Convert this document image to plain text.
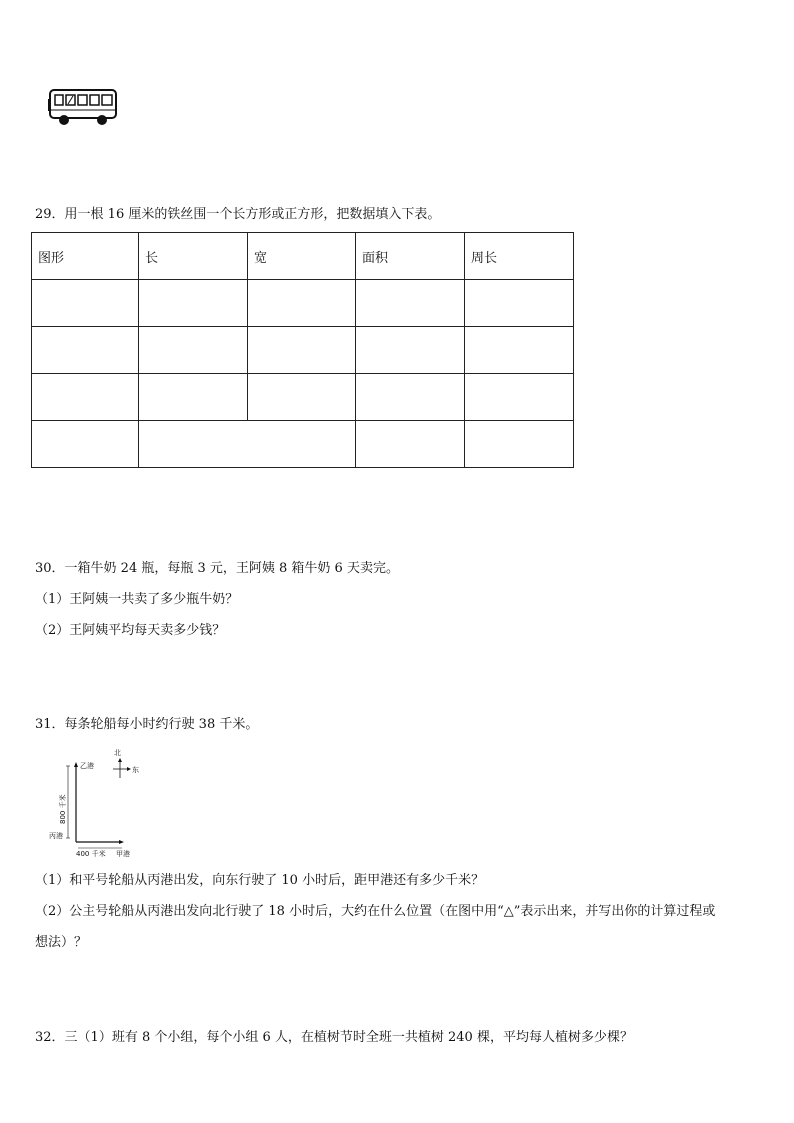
29．用一根 16 厘米的铁丝围一个长方形或正方形，把数据填入下表。
图形	长	宽	面积	周长

30．一箱牛奶 24 瓶，每瓶 3 元，王阿姨 8 箱牛奶 6 天卖完。
（1）王阿姨一共卖了多少瓶牛奶？
（2）王阿姨平均每天卖多少钱？
31．每条轮船每小时约行驶 38 千米。
北
东
800 千米
乙港
丙港
400 千米 甲港
（1）和平号轮船从丙港出发，向东行驶了 10 小时后，距甲港还有多少千米？
（2）公主号轮船从丙港出发向北行驶了 18 小时后，大约在什么位置（在图中用“△”表示出来，并写出你的计算过程或
想法）？
32．三（1）班有 8 个小组，每个小组 6 人，在植树节时全班一共植树 240 棵，平均每人植树多少棵？
